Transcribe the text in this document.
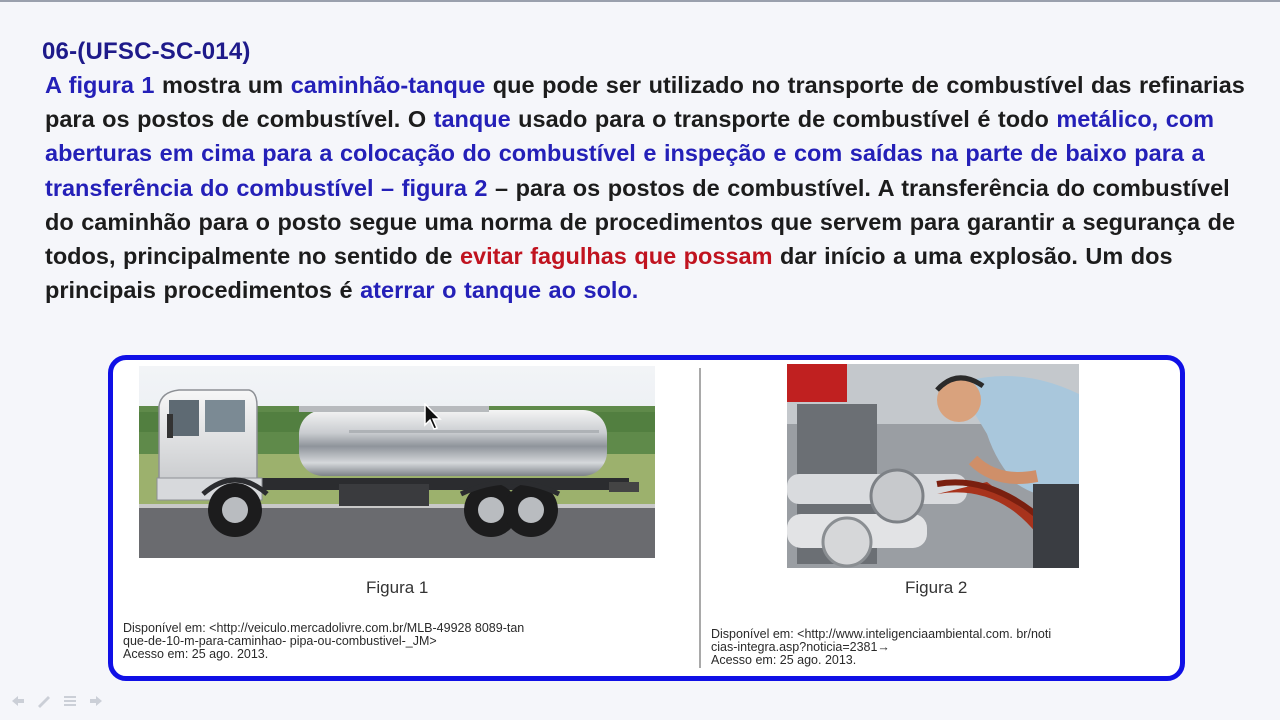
06-(UFSC-SC-014)
A figura 1 mostra um caminhão-tanque que pode ser utilizado no transporte de combustível das refinarias para os postos de combustível. O tanque usado para o transporte de combustível é todo metálico, com aberturas em cima para a colocação do combustível e inspeção e com saídas na parte de baixo para a transferência do combustível – figura 2 – para os postos de combustível. A transferência do combustível do caminhão para o posto segue uma norma de procedimentos que servem para garantir a segurança de todos, principalmente no sentido de evitar fagulhas que possam dar início a uma explosão. Um dos principais procedimentos é aterrar o tanque ao solo.
Figura 1	Figura 2
Disponível em: <http://veiculo.mercadolivre.com.br/MLB-49928 8089-tan
que-de-10-m-para-caminhao- pipa-ou-combustivel-_JM>
Acesso em: 25 ago. 2013.
Disponível em: <http://www.inteligenciaambiental.com. br/noti
cias-integra.asp?noticia=2381→
Acesso em: 25 ago. 2013.
